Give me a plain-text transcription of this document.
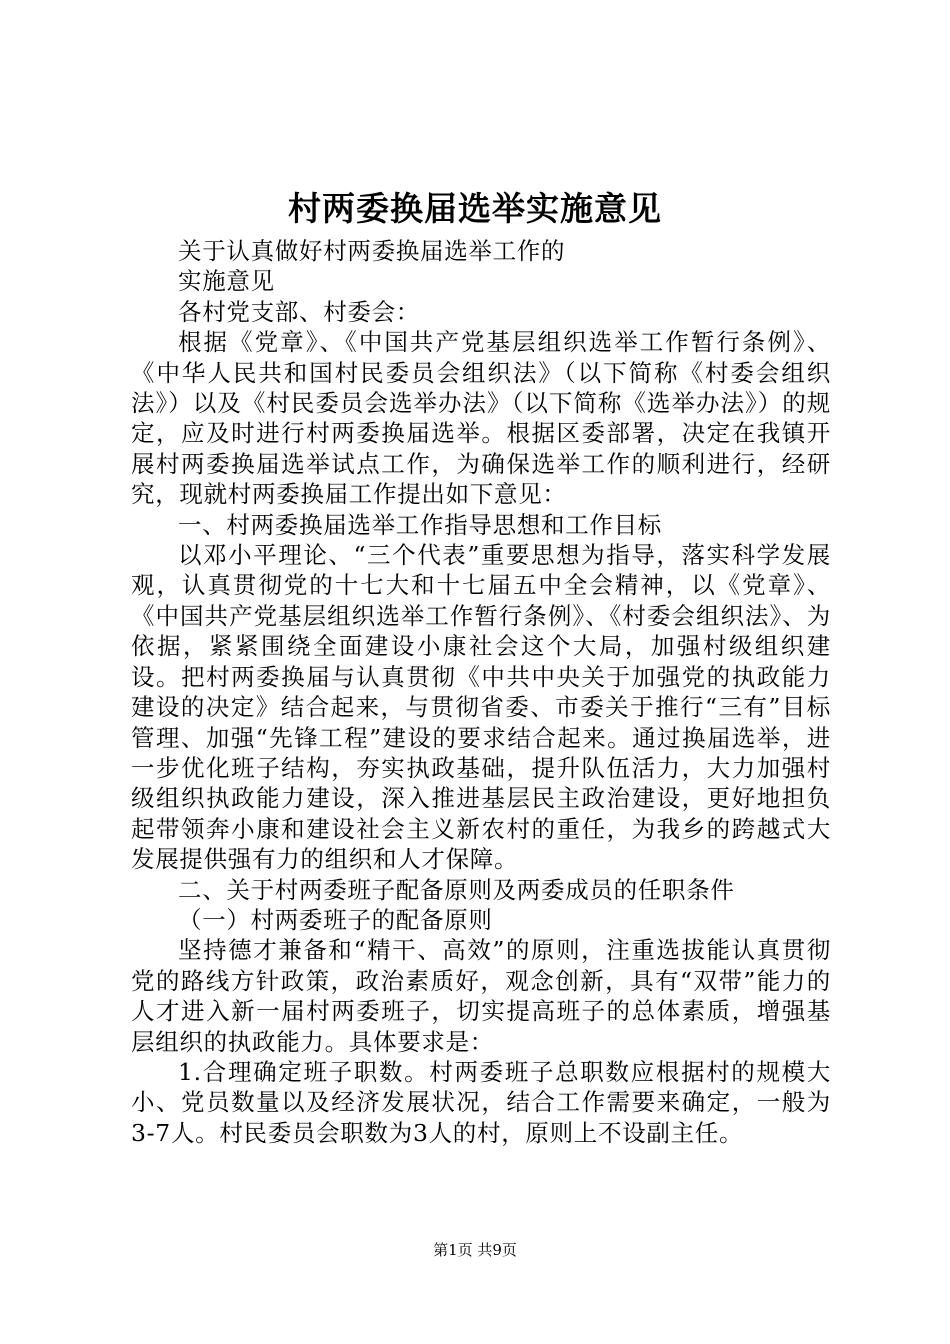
村两委换届选举实施意见

关于认真做好村两委换届选举工作的

实施意见

各村党支部、村委会：

根据《党章》、《中国共产党基层组织选举工作暂行条例》、《中华人民共和国村民委员会组织法》（以下简称《村委会组织法》）以及《村民委员会选举办法》（以下简称《选举办法》）的规定，应及时进行村两委换届选举。根据区委部署，决定在我镇开展村两委换届选举试点工作，为确保选举工作的顺利进行，经研究，现就村两委换届工作提出如下意见：

一、村两委换届选举工作指导思想和工作目标

以邓小平理论、“三个代表”重要思想为指导，落实科学发展观，认真贯彻党的十七大和十七届五中全会精神，以《党章》、《中国共产党基层组织选举工作暂行条例》、《村委会组织法》、为依据，紧紧围绕全面建设小康社会这个大局，加强村级组织建设。把村两委换届与认真贯彻《中共中央关于加强党的执政能力建设的决定》结合起来，与贯彻省委、市委关于推行“三有”目标管理、加强“先锋工程”建设的要求结合起来。通过换届选举，进一步优化班子结构，夯实执政基础，提升队伍活力，大力加强村级组织执政能力建设，深入推进基层民主政治建设，更好地担负起带领奔小康和建设社会主义新农村的重任，为我乡的跨越式大发展提供强有力的组织和人才保障。

二、关于村两委班子配备原则及两委成员的任职条件

（一）村两委班子的配备原则

坚持德才兼备和“精干、高效”的原则，注重选拔能认真贯彻党的路线方针政策，政治素质好，观念创新，具有“双带”能力的人才进入新一届村两委班子，切实提高班子的总体素质，增强基层组织的执政能力。具体要求是：

1.合理确定班子职数。村两委班子总职数应根据村的规模大小、党员数量以及经济发展状况，结合工作需要来确定，一般为3-7人。村民委员会职数为3人的村，原则上不设副主任。

第1页 共9页
